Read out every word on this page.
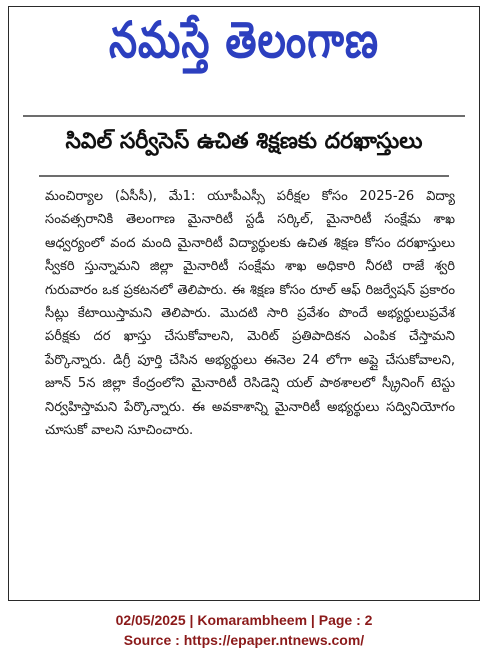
నమస్తే తెలంగాణ
సివిల్ సర్వీసెస్ ఉచిత శిక్షణకు దరఖాస్తులు

మంచిర్యాల (ఏసీసీ), మే1: యూపీఎస్సీ పరీక్షల కోసం 2025-26 విద్యా సంవత్సరానికి తెలంగాణ మైనారిటీ స్టడీ సర్కిల్, మైనారిటీ సంక్షేమ శాఖ ఆధ్వర్యంలో వంద మంది మైనారిటీ విద్యార్థులకు ఉచిత శిక్షణ కోసం దరఖాస్తులు స్వీకరి స్తున్నామని జిల్లా మైనారిటీ సంక్షేమ శాఖ అధికారి నీరటి రాజే శ్వరి గురువారం ఒక ప్రకటనలో తెలిపారు. ఈ శిక్షణ కోసం రూల్ ఆఫ్ రిజర్వేషన్ ప్రకారం సీట్లు కేటాయిస్తామని తెలిపారు. మొదటి సారి ప్రవేశం పొందే అభ్యర్థులుప్రవేశ పరీక్షకు దర ఖాస్తు చేసుకోవాలని, మెరిట్ ప్రతిపాదికన ఎంపిక చేస్తామని పేర్కొన్నారు. డిగ్రీ పూర్తి చేసిన అభ్యర్థులు ఈనెల 24 లోగా అప్లై చేసుకోవాలని, జూన్ 5న జిల్లా కేంద్రంలోని మైనారిటీ రెసిడెన్షి యల్ పాఠశాలలో స్క్రీనింగ్ టెస్టు నిర్వహిస్తామని పేర్కొన్నారు. ఈ అవకాశాన్ని మైనారిటీ అభ్యర్థులు సద్వినియోగం చూసుకో వాలని సూచించారు.

02/05/2025 | Komarambheem | Page : 2
Source : https://epaper.ntnews.com/
